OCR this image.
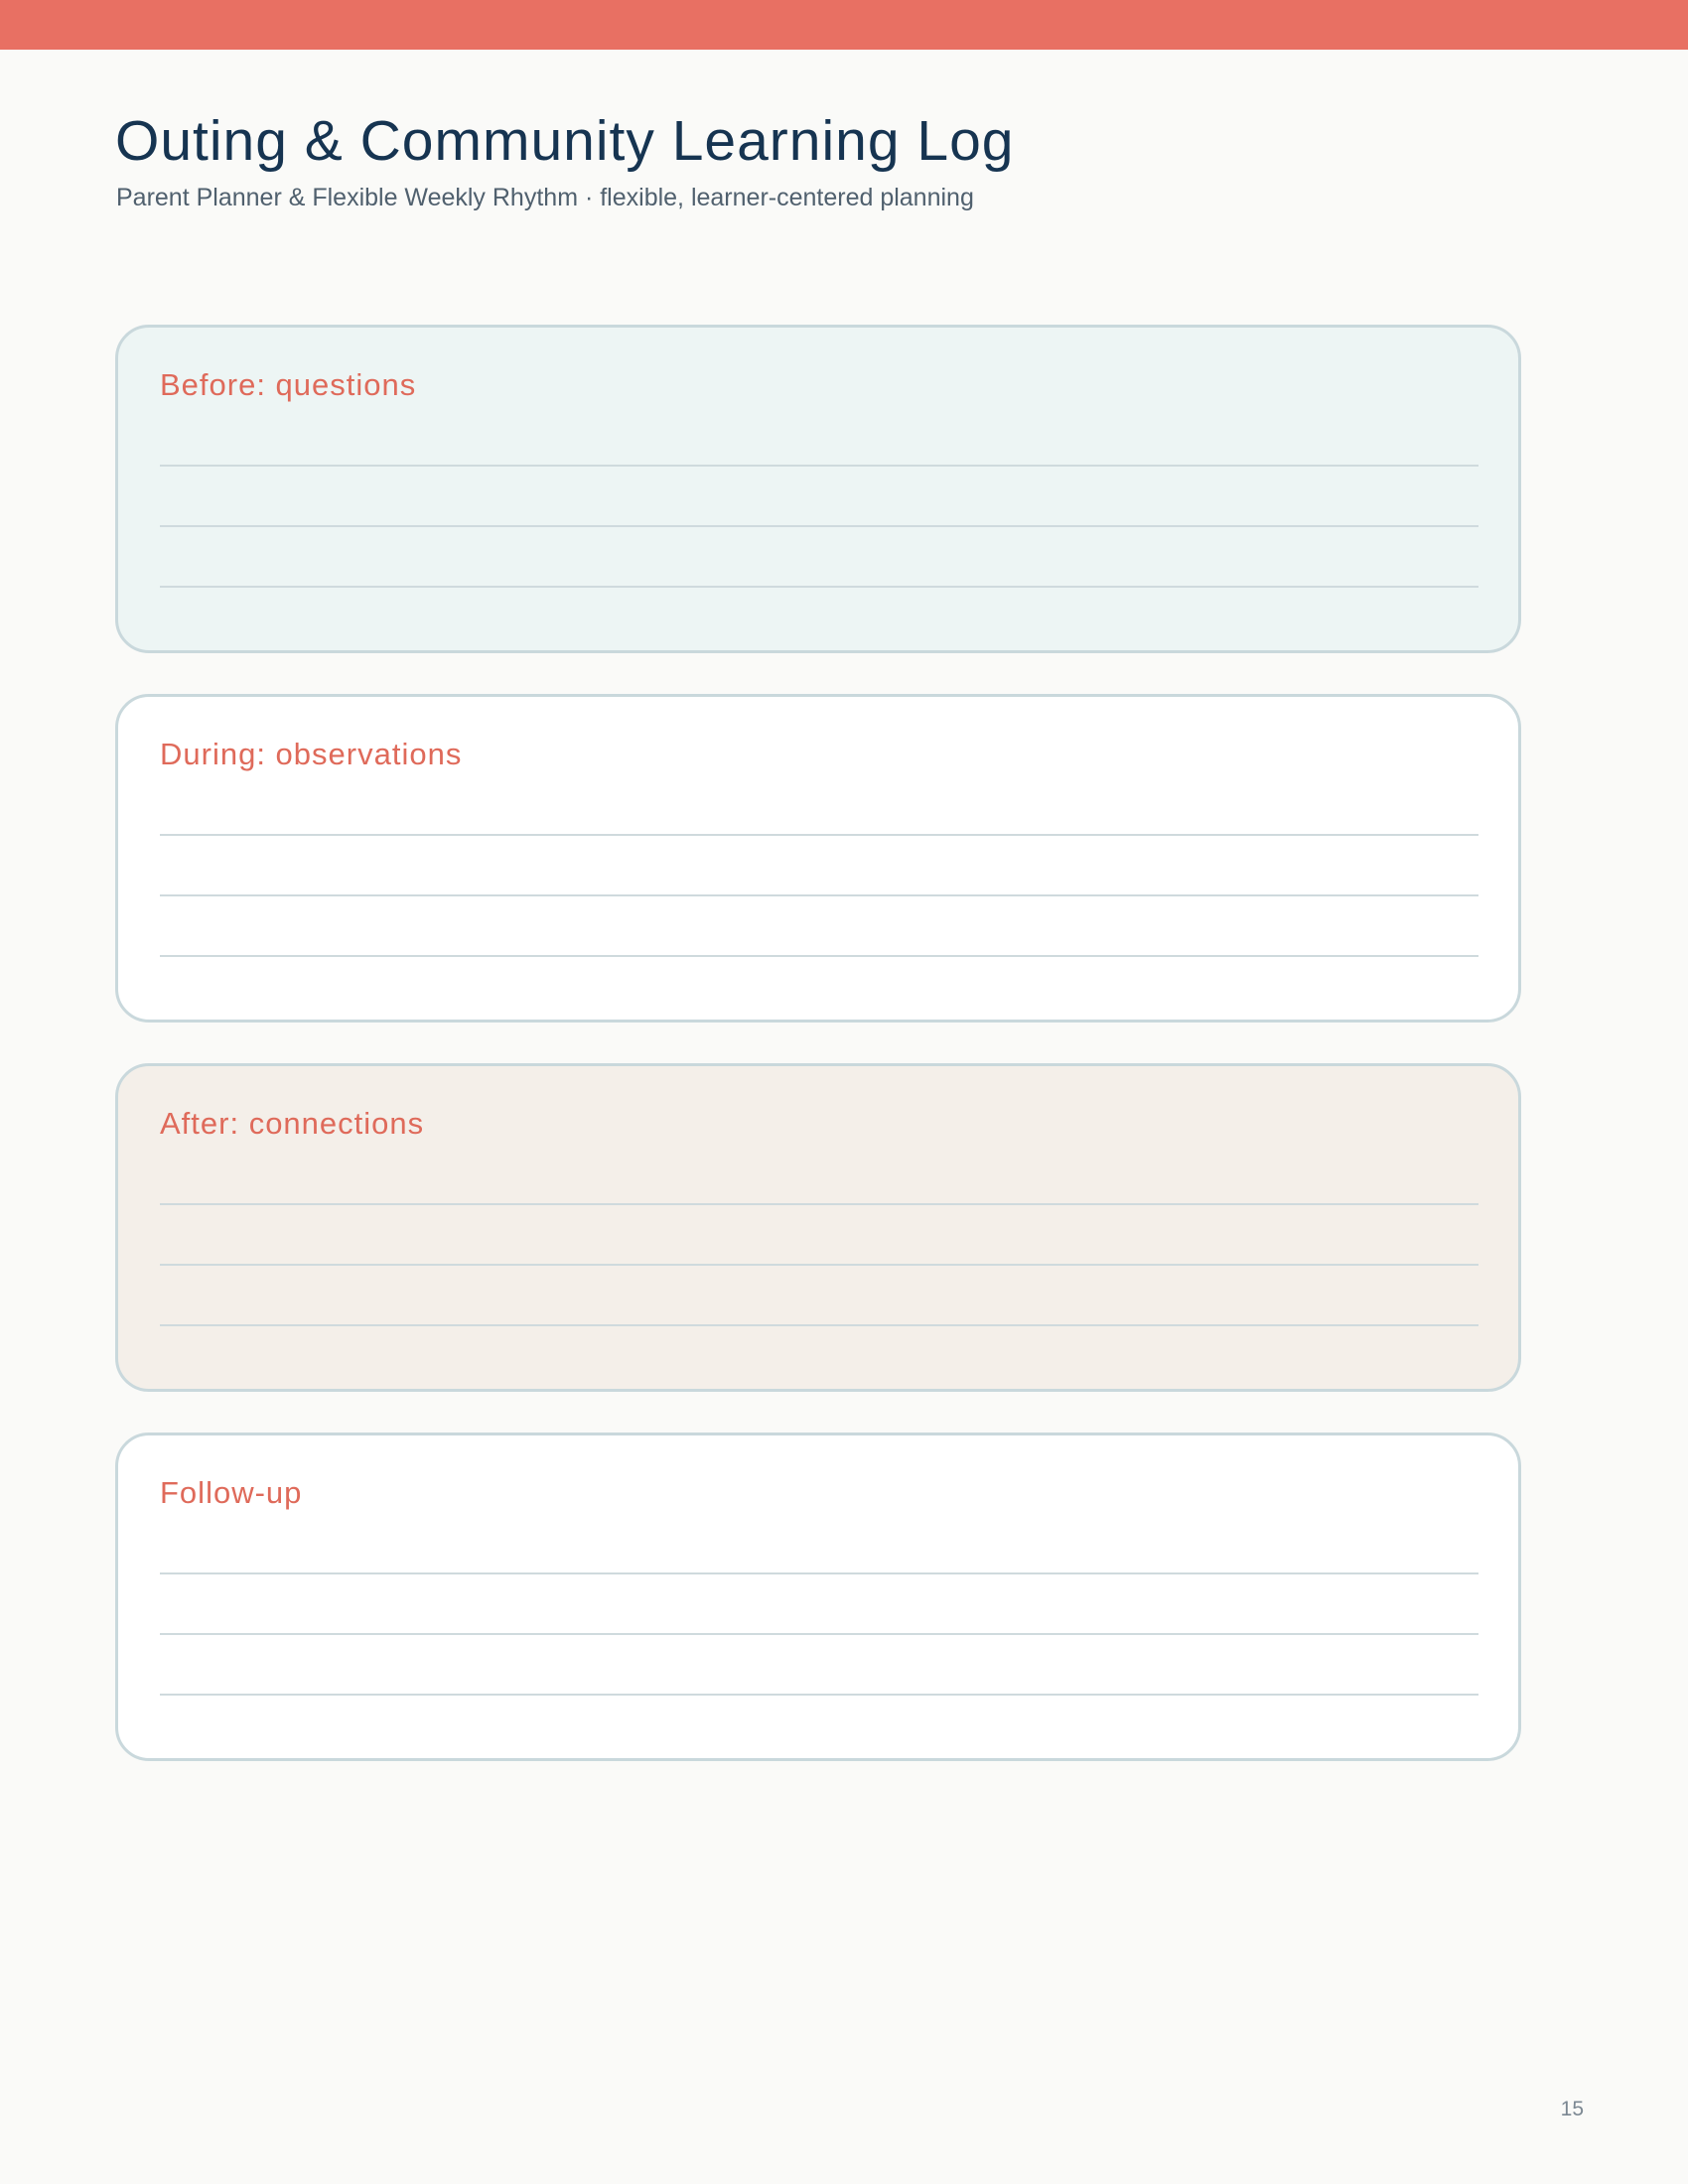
Outing & Community Learning Log

Parent Planner & Flexible Weekly Rhythm · flexible, learner-centered planning

Before: questions
During: observations
After: connections
Follow-up
15
